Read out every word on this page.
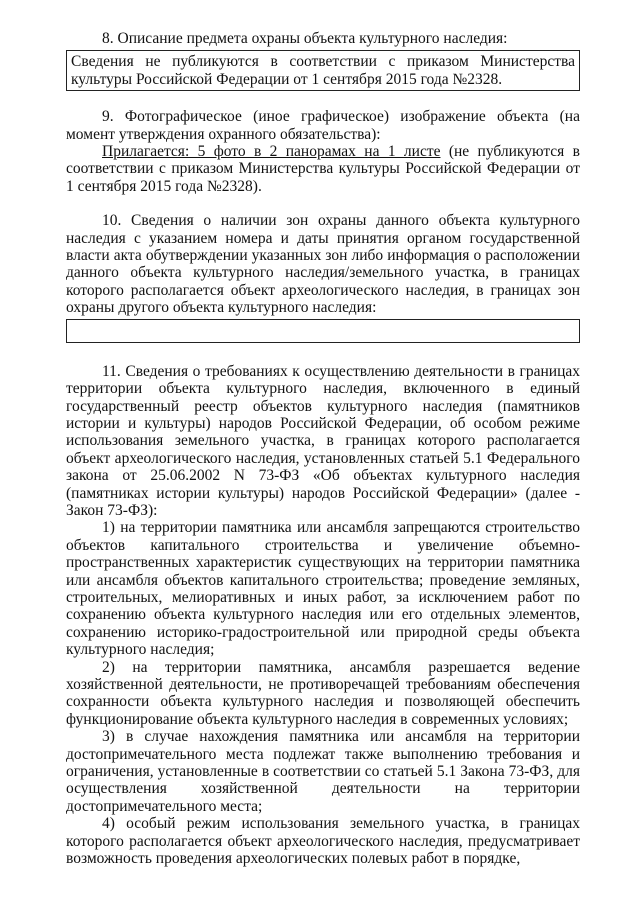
8. Описание предмета охраны объекта культурного наследия:

Сведения не публикуются в соответствии с приказом Министерства культуры Российской Федерации от 1 сентября 2015 года №2328.

9. Фотографическое (иное графическое) изображение объекта (на момент утверждения охранного обязательства):

Прилагается: 5 фото в 2 панорамах на 1 листе (не публикуются в соответствии с приказом Министерства культуры Российской Федерации от 1 сентября 2015 года №2328).

10. Сведения о наличии зон охраны данного объекта культурного наследия с указанием номера и даты принятия органом государственной власти акта обутверждении указанных зон либо информация о расположении данного объекта культурного наследия/земельного участка, в границах которого располагается объект археологического наследия, в границах зон охраны другого объекта культурного наследия:

11. Сведения о требованиях к осуществлению деятельности в границах территории объекта культурного наследия, включенного в единый государственный реестр объектов культурного наследия (памятников истории и культуры) народов Российской Федерации, об особом режиме использования земельного участка, в границах которого располагается объект археологического наследия, установленных статьей 5.1 Федерального закона от 25.06.2002 N 73-ФЗ «Об объектах культурного наследия (памятниках истории культуры) народов Российской Федерации» (далее - Закон 73-ФЗ):

1) на территории памятника или ансамбля запрещаются строительство объектов капитального строительства и увеличение объемно-пространственных характеристик существующих на территории памятника или ансамбля объектов капитального строительства; проведение земляных, строительных, мелиоративных и иных работ, за исключением работ по сохранению объекта культурного наследия или его отдельных элементов, сохранению историко-градостроительной или природной среды объекта культурного наследия;

2) на территории памятника, ансамбля разрешается ведение хозяйственной деятельности, не противоречащей требованиям обеспечения сохранности объекта культурного наследия и позволяющей обеспечить функционирование объекта культурного наследия в современных условиях;

3) в случае нахождения памятника или ансамбля на территории достопримечательного места подлежат также выполнению требования и ограничения, установленные в соответствии со статьей 5.1 Закона 73-ФЗ, для осуществления хозяйственной деятельности на территории достопримечательного места;

4) особый режим использования земельного участка, в границах которого располагается объект археологического наследия, предусматривает возможность проведения археологических полевых работ в порядке,
